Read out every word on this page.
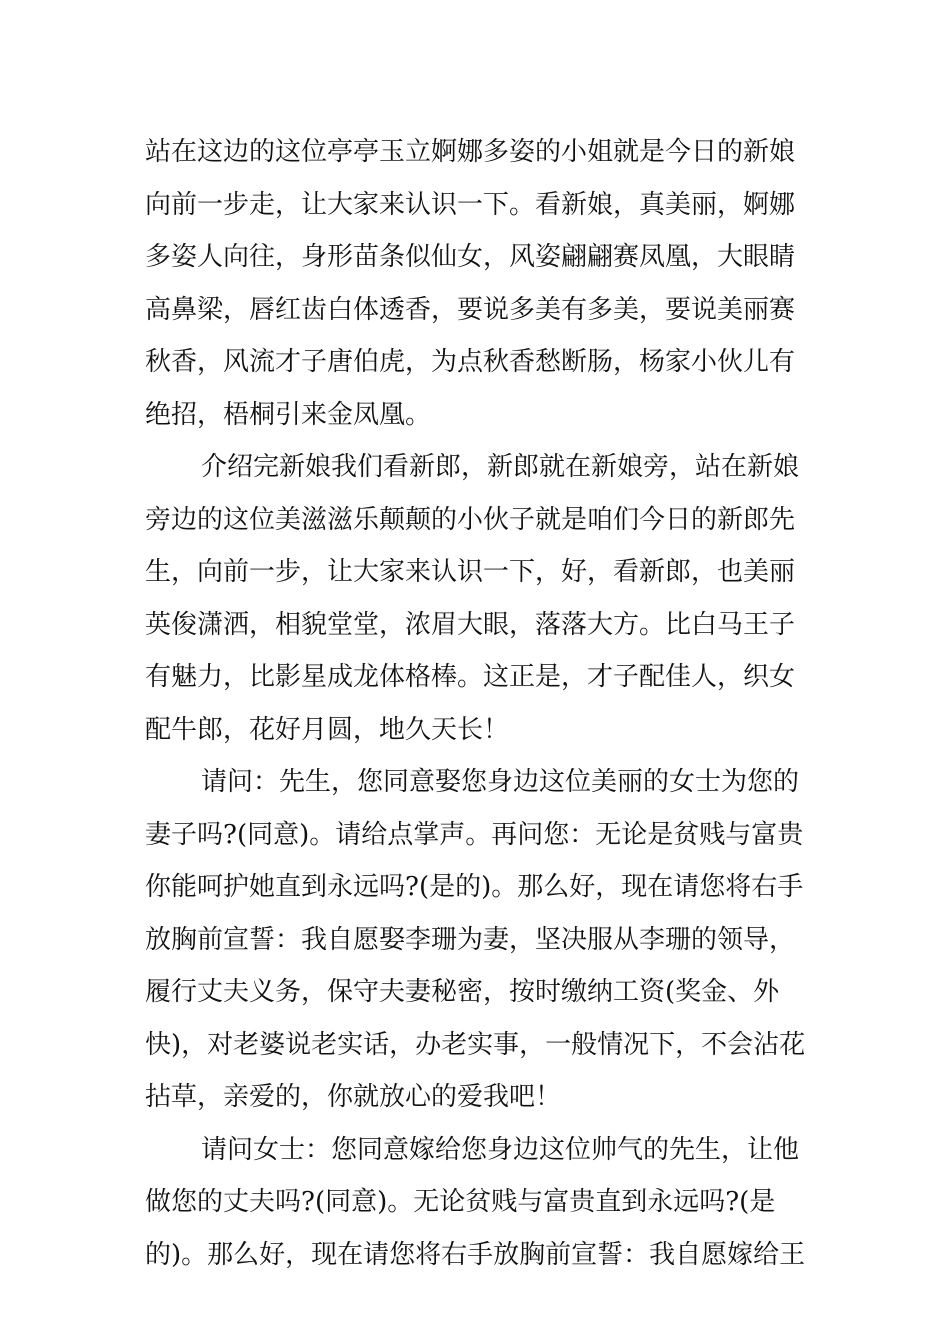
站在这边的这位亭亭玉立婀娜多姿的小姐就是今日的新娘
向前一步走，让大家来认识一下。看新娘，真美丽，婀娜
多姿人向往，身形苗条似仙女，风姿翩翩赛凤凰，大眼睛
高鼻梁，唇红齿白体透香，要说多美有多美，要说美丽赛
秋香，风流才子唐伯虎，为点秋香愁断肠，杨家小伙儿有
绝招，梧桐引来金凤凰。
介绍完新娘我们看新郎，新郎就在新娘旁，站在新娘
旁边的这位美滋滋乐颠颠的小伙子就是咱们今日的新郎先
生，向前一步，让大家来认识一下，好，看新郎，也美丽
英俊潇洒，相貌堂堂，浓眉大眼，落落大方。比白马王子
有魅力，比影星成龙体格棒。这正是，才子配佳人，织女
配牛郎，花好月圆，地久天长！
请问：先生，您同意娶您身边这位美丽的女士为您的
妻子吗?(同意)。请给点掌声。再问您：无论是贫贱与富贵
你能呵护她直到永远吗?(是的)。那么好，现在请您将右手
放胸前宣誓：我自愿娶李珊为妻，坚决服从李珊的领导，
履行丈夫义务，保守夫妻秘密，按时缴纳工资(奖金、外
快)，对老婆说老实话，办老实事，一般情况下，不会沾花
拈草，亲爱的，你就放心的爱我吧！
请问女士：您同意嫁给您身边这位帅气的先生，让他
做您的丈夫吗?(同意)。无论贫贱与富贵直到永远吗?(是
的)。那么好，现在请您将右手放胸前宣誓：我自愿嫁给王
